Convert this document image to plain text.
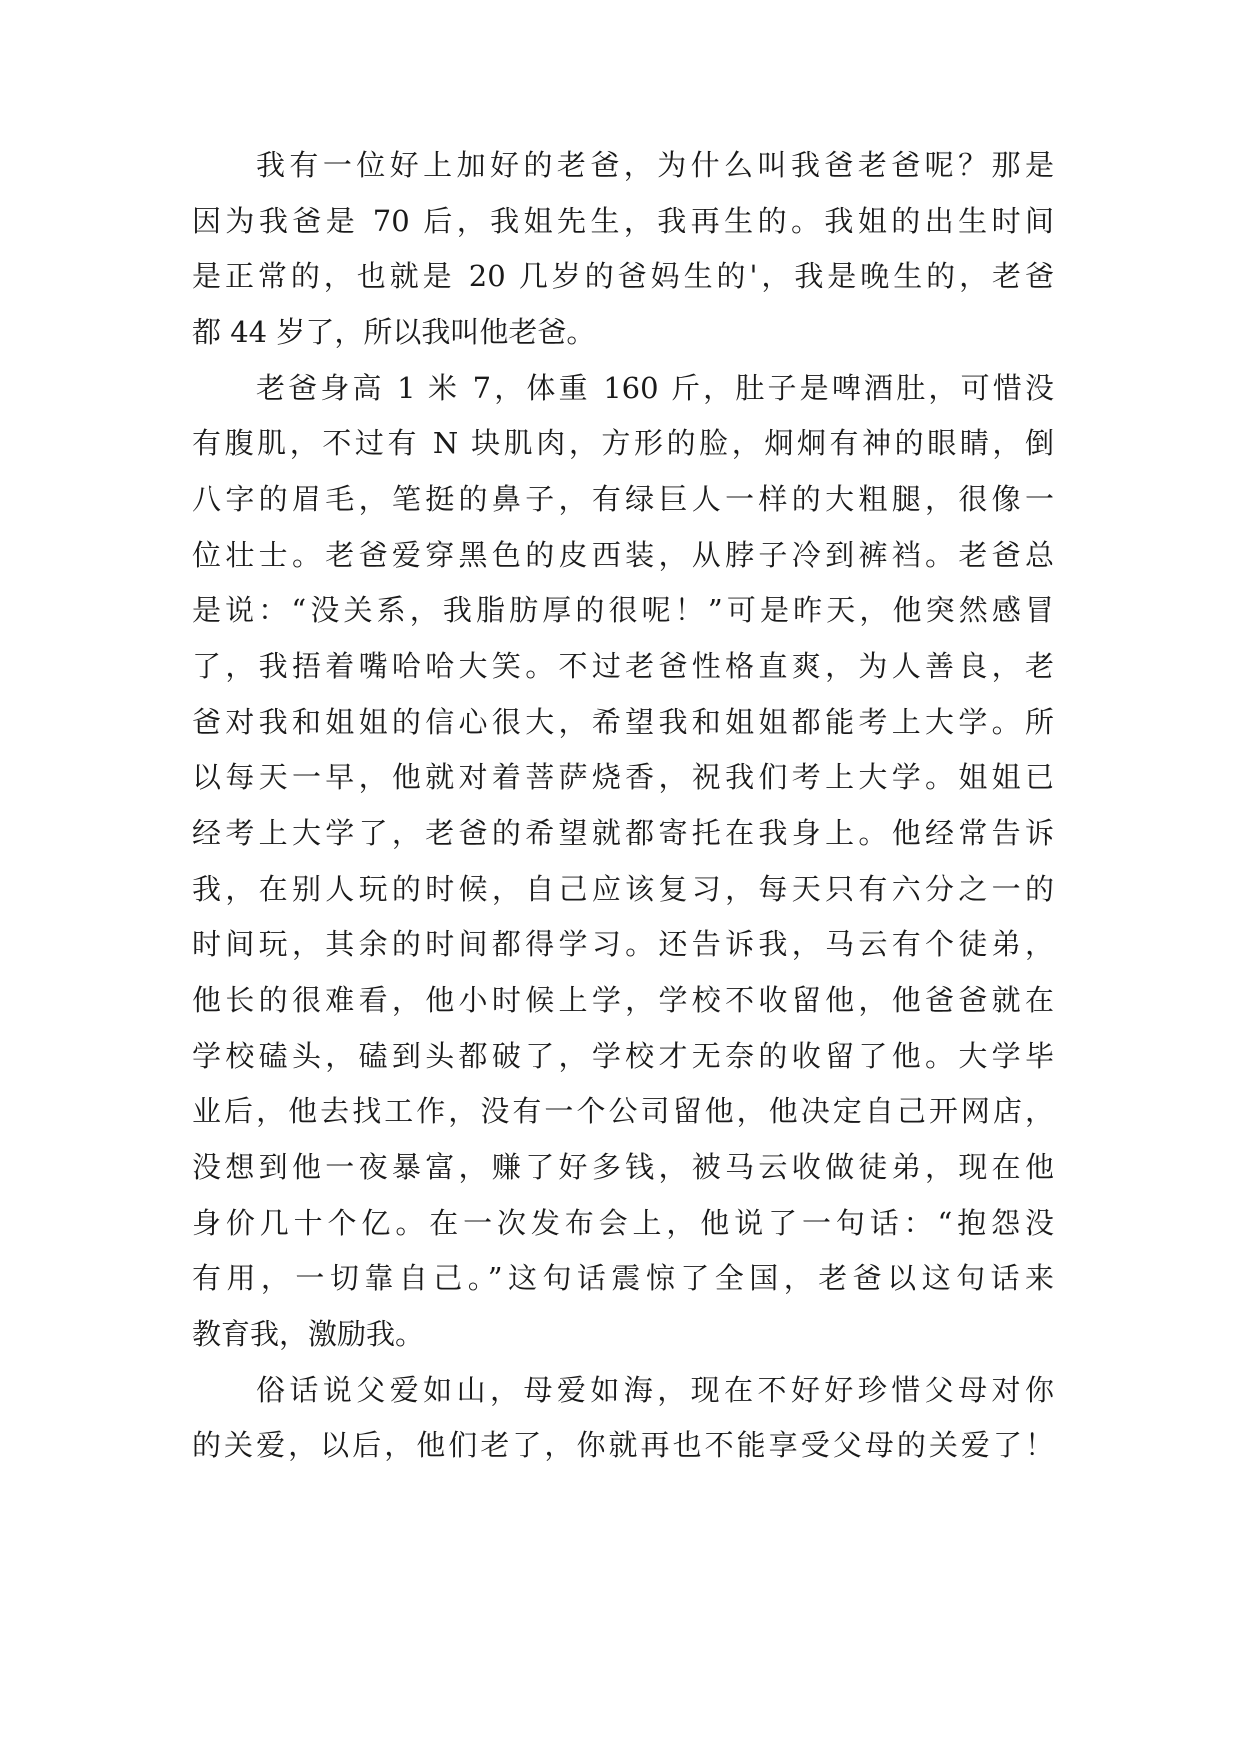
我有一位好上加好的老爸，为什么叫我爸老爸呢？那是
因为我爸是 70 后，我姐先生，我再生的。我姐的出生时间
是正常的，也就是 20 几岁的爸妈生的'，我是晚生的，老爸
都 44 岁了，所以我叫他老爸。
老爸身高 1 米 7，体重 160 斤，肚子是啤酒肚，可惜没
有腹肌，不过有 N 块肌肉，方形的脸，炯炯有神的眼睛，倒
八字的眉毛，笔挺的鼻子，有绿巨人一样的大粗腿，很像一
位壮士。老爸爱穿黑色的皮西装，从脖子冷到裤裆。老爸总
是说：“没关系，我脂肪厚的很呢！”可是昨天，他突然感冒
了，我捂着嘴哈哈大笑。不过老爸性格直爽，为人善良，老
爸对我和姐姐的信心很大，希望我和姐姐都能考上大学。所
以每天一早，他就对着菩萨烧香，祝我们考上大学。姐姐已
经考上大学了，老爸的希望就都寄托在我身上。他经常告诉
我，在别人玩的时候，自己应该复习，每天只有六分之一的
时间玩，其余的时间都得学习。还告诉我，马云有个徒弟，
他长的很难看，他小时候上学，学校不收留他，他爸爸就在
学校磕头，磕到头都破了，学校才无奈的收留了他。大学毕
业后，他去找工作，没有一个公司留他，他决定自己开网店，
没想到他一夜暴富，赚了好多钱，被马云收做徒弟，现在他
身价几十个亿。在一次发布会上，他说了一句话：“抱怨没
有用，一切靠自己。”这句话震惊了全国，老爸以这句话来
教育我，激励我。
俗话说父爱如山，母爱如海，现在不好好珍惜父母对你
的关爱，以后，他们老了，你就再也不能享受父母的关爱了！
